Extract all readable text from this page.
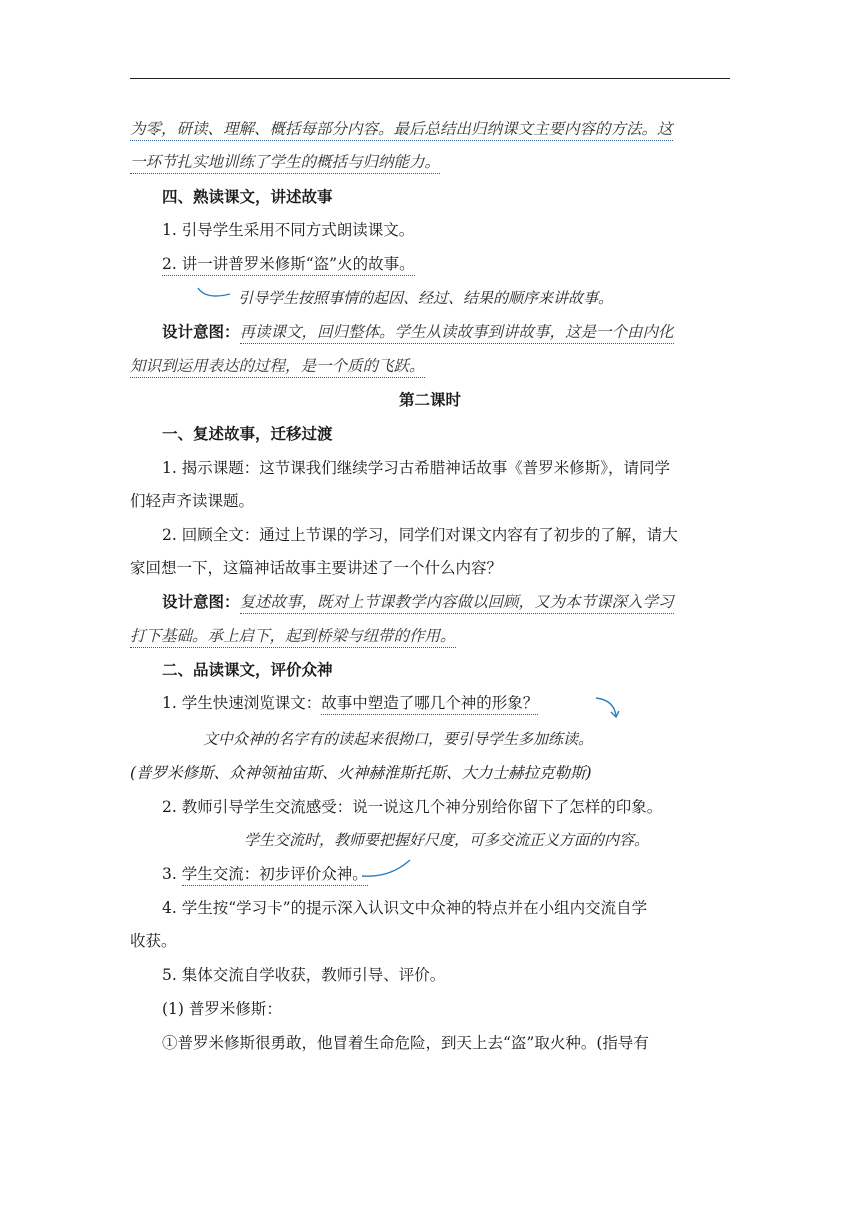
为零，研读、理解、概括每部分内容。最后总结出归纳课文主要内容的方法。这
一环节扎实地训练了学生的概括与归纳能力。
四、熟读课文，讲述故事
1. 引导学生采用不同方式朗读课文。
2. 讲一讲普罗米修斯“盗”火的故事。
引导学生按照事情的起因、经过、结果的顺序来讲故事。
设计意图：再读课文，回归整体。学生从读故事到讲故事，这是一个由内化
知识到运用表达的过程，是一个质的飞跃。
第二课时
一、复述故事，迁移过渡
1. 揭示课题：这节课我们继续学习古希腊神话故事《普罗米修斯》，请同学
们轻声齐读课题。
2. 回顾全文：通过上节课的学习，同学们对课文内容有了初步的了解，请大
家回想一下，这篇神话故事主要讲述了一个什么内容？
设计意图：复述故事，既对上节课教学内容做以回顾，又为本节课深入学习
打下基础。承上启下，起到桥梁与纽带的作用。
二、品读课文，评价众神
1. 学生快速浏览课文：故事中塑造了哪几个神的形象？
文中众神的名字有的读起来很拗口，要引导学生多加练读。
(普罗米修斯、众神领袖宙斯、火神赫淮斯托斯、大力士赫拉克勒斯)
2. 教师引导学生交流感受：说一说这几个神分别给你留下了怎样的印象。
学生交流时，教师要把握好尺度，可多交流正义方面的内容。
3. 学生交流：初步评价众神。
4. 学生按“学习卡”的提示深入认识文中众神的特点并在小组内交流自学
收获。
5. 集体交流自学收获，教师引导、评价。
(1) 普罗米修斯：
①普罗米修斯很勇敢，他冒着生命危险，到天上去“盗”取火种。(指导有
